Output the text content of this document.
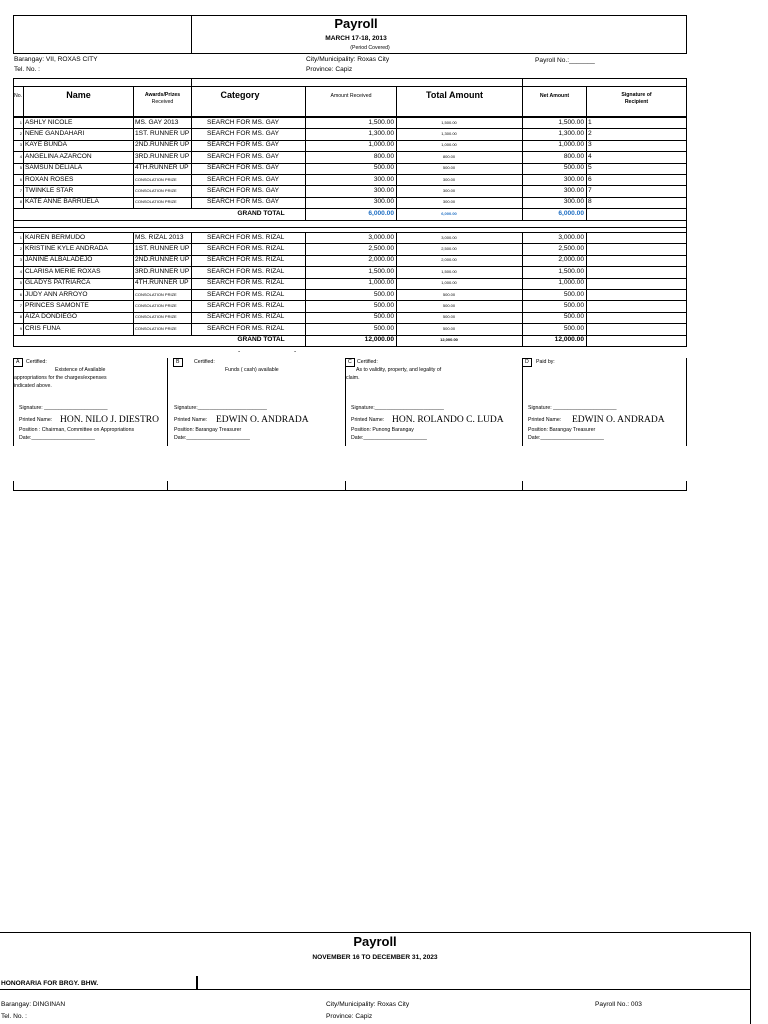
Payroll
MARCH 17-18, 2013
(Period Covered)
Barangay: VII, ROXAS CITY
Tel. No. :
City/Municipality: Roxas City
Province: Capiz
Payroll No.:_______
No.	Name	Awards/Prizes
Received
Category	Amount Received	Total Amount	Net Amount	Signature of
Recipient
1 ASHLY NICOLE	MS. GAY 2013	SEARCH FOR MS. GAY	1,500.00	1,500.00	1,500.00 1
2 NENE GANDAHARI	1ST. RUNNER UP	SEARCH FOR MS. GAY	1,300.00	1,300.00	1,300.00 2
3 KAYE BUNDA	2ND.RUNNER UP	SEARCH FOR MS. GAY	1,000.00	1,000.00	1,000.00 3
4 ANGELINA AZARCON	3RD.RUNNER UP	SEARCH FOR MS. GAY	800.00	800.00	800.00 4
5 SAMSUN DELIALA	4TH.RUNNER UP	SEARCH FOR MS. GAY	500.00	500.00	500.00 5
6 ROXAN ROSES	CONSOLATION PRIZE	SEARCH FOR MS. GAY	300.00	300.00	300.00 6
7 TWINKLE STAR	CONSOLATION PRIZE	SEARCH FOR MS. GAY	300.00	300.00	300.00 7
8 KATE ANNE BARRUELA	CONSOLATION PRIZE	SEARCH FOR MS. GAY	300.00	300.00	300.00 8
GRAND TOTAL	6,000.00	6,000.00	6,000.00
1 KAIREN BERMUDO	MS. RIZAL 2013	SEARCH FOR MS. RIZAL	3,000.00	3,000.00	3,000.00
2 KRISTINE KYLE ANDRADA	1ST. RUNNER UP	SEARCH FOR MS. RIZAL	2,500.00	2,500.00	2,500.00
3 JANINE ALBALADEJO	2ND.RUNNER UP	SEARCH FOR MS. RIZAL	2,000.00	2,000.00	2,000.00
4 CLARISA MERIE ROXAS	3RD.RUNNER UP	SEARCH FOR MS. RIZAL	1,500.00	1,500.00	1,500.00
5 GLADYS PATRIARCA	4TH.RUNNER UP	SEARCH FOR MS. RIZAL	1,000.00	1,000.00	1,000.00
6 JUDY ANN ARROYO	CONSOLATION PRIZE	SEARCH FOR MS. RIZAL	500.00	500.00	500.00
7 PRINCES SAMONTE	CONSOLATION PRIZE	SEARCH FOR MS. RIZAL	500.00	500.00	500.00
8 AIZA DONDIEGO	CONSOLATION PRIZE	SEARCH FOR MS. RIZAL	500.00	500.00	500.00
9 CRIS FUNA	CONSOLATION PRIZE	SEARCH FOR MS. RIZAL	500.00	500.00	500.00
GRAND TOTAL	12,000.00	12,000.00	12,000.00
-	-
A Certified:
Existence of Available
appropriations for the charges/expenses
indicated above.
Signature: ______________________
Printed Name: HON. NILO J. DIESTRO
Position : Chairman, Committee on Appropriations
Date:______________________
B	Certified:
Funds ( cash) available
Signature:________________________
Printed Name: EDWIN O. ANDRADA
Position: Barangay Treasurer
Date:______________________
C Certified:
As to validity, property, and legality of
claim.
Signature:________________________
Printed Name: HON. ROLANDO C. LUDA
Position: Punong Barangay
Date:______________________
D Paid by:
Signature: ______________________
Printed Name: EDWIN O. ANDRADA
Position: Barangay Treasurer
Date:______________________
Payroll
NOVEMBER 16 TO DECEMBER 31, 2023
HONORARIA FOR BRGY. BHW.
Barangay: DINGINAN
Tel. No. :
City/Municipality: Roxas City
Province: Capiz
Payroll No.: 003
